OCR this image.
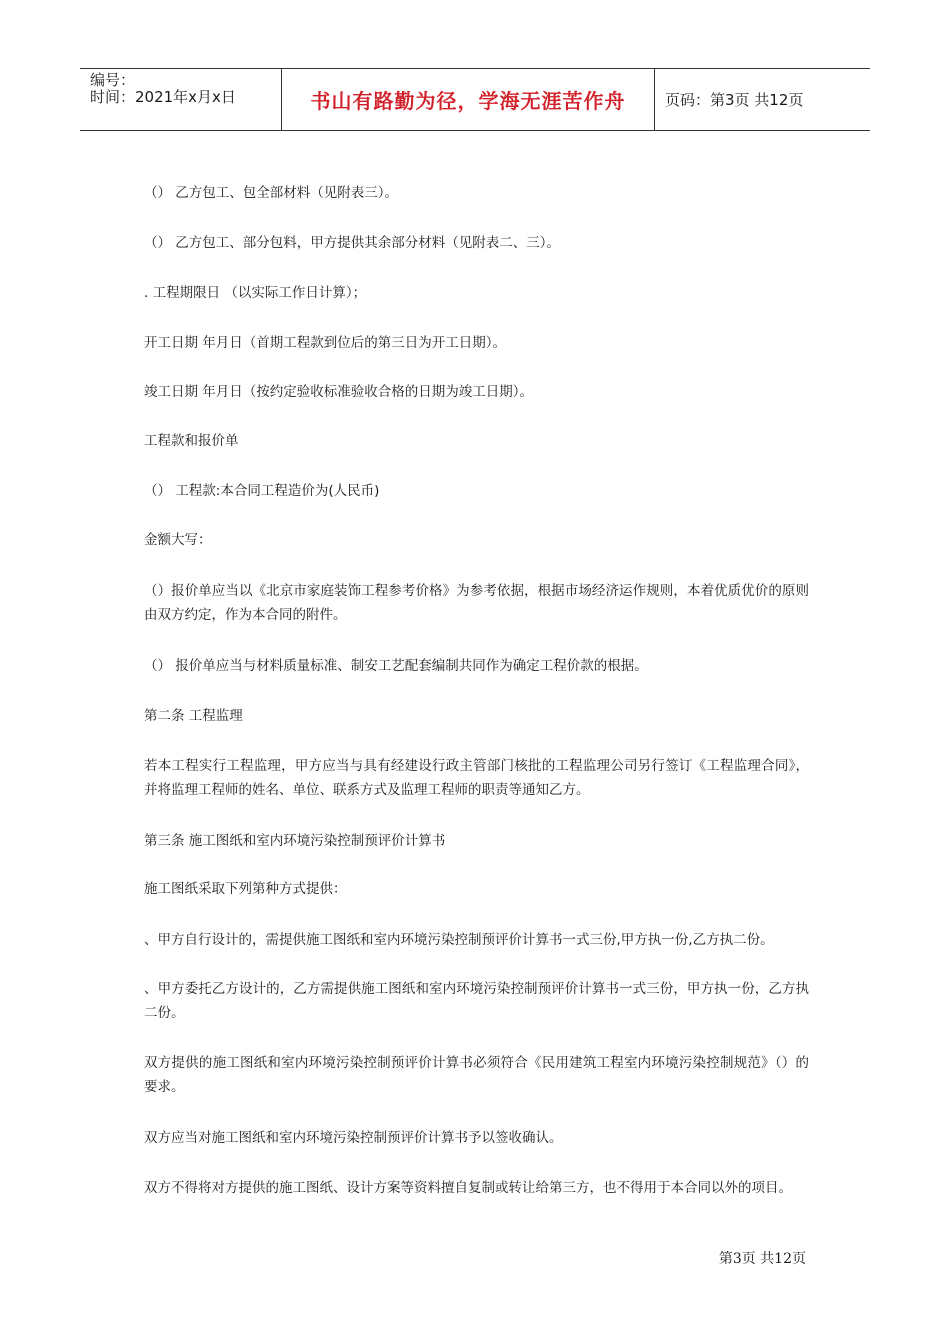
编号：
时间：2021年x月x日	书山有路勤为径，学海无涯苦作舟	页码：第3页 共12页
（） 乙方包工、包全部材料（见附表三）。
（） 乙方包工、部分包料，甲方提供其余部分材料（见附表二、三）。
. 工程期限日 （以实际工作日计算）；
开工日期 年月日（首期工程款到位后的第三日为开工日期）。
竣工日期 年月日（按约定验收标准验收合格的日期为竣工日期）。
工程款和报价单
（） 工程款:本合同工程造价为(人民币)
金额大写：
（）报价单应当以《北京市家庭装饰工程参考价格》为参考依据，根据市场经济运作规则，本着优质优价的原则由双方约定，作为本合同的附件。
（） 报价单应当与材料质量标准、制安工艺配套编制共同作为确定工程价款的根据。
第二条 工程监理
若本工程实行工程监理，甲方应当与具有经建设行政主管部门核批的工程监理公司另行签订《工程监理合同》，并将监理工程师的姓名、单位、联系方式及监理工程师的职责等通知乙方。
第三条 施工图纸和室内环境污染控制预评价计算书
施工图纸采取下列第种方式提供：
、甲方自行设计的，需提供施工图纸和室内环境污染控制预评价计算书一式三份,甲方执一份,乙方执二份。
、甲方委托乙方设计的，乙方需提供施工图纸和室内环境污染控制预评价计算书一式三份，甲方执一份，乙方执二份。
双方提供的施工图纸和室内环境污染控制预评价计算书必须符合《民用建筑工程室内环境污染控制规范》（）的要求。
双方应当对施工图纸和室内环境污染控制预评价计算书予以签收确认。
双方不得将对方提供的施工图纸、设计方案等资料擅自复制或转让给第三方，也不得用于本合同以外的项目。
第3页 共12页
